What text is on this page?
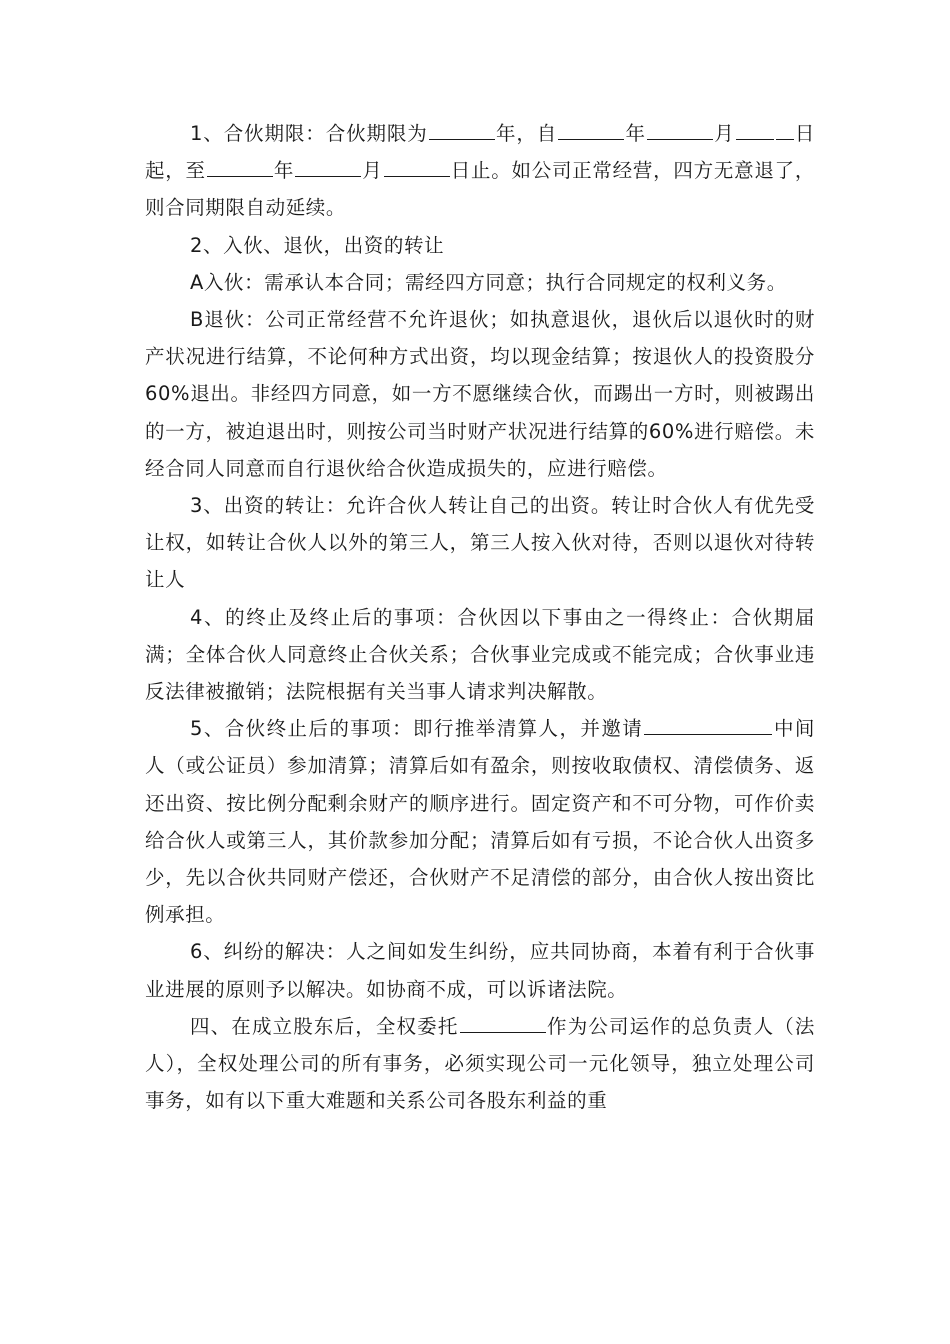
1、合伙期限：合伙期限为	年，自	年	月	日起，至	年	月	日止。如公司正常经营，四方无意退了，则合同期限自动延续。

2、入伙、退伙，出资的转让

A入伙：需承认本合同；需经四方同意；执行合同规定的权利义务。

B退伙：公司正常经营不允许退伙；如执意退伙，退伙后以退伙时的财产状况进行结算，不论何种方式出资，均以现金结算；按退伙人的投资股分60%退出。非经四方同意，如一方不愿继续合伙，而踢出一方时，则被踢出的一方，被迫退出时，则按公司当时财产状况进行结算的60%进行赔偿。未经合同人同意而自行退伙给合伙造成损失的，应进行赔偿。

3、出资的转让：允许合伙人转让自己的出资。转让时合伙人有优先受让权，如转让合伙人以外的第三人，第三人按入伙对待，否则以退伙对待转让人

4、的终止及终止后的事项：合伙因以下事由之一得终止：合伙期届满；全体合伙人同意终止合伙关系；合伙事业完成或不能完成；合伙事业违反法律被撤销；法院根据有关当事人请求判决解散。

5、合伙终止后的事项：即行推举清算人，并邀请	中间人（或公证员）参加清算；清算后如有盈余，则按收取债权、清偿债务、返还出资、按比例分配剩余财产的顺序进行。固定资产和不可分物，可作价卖给合伙人或第三人，其价款参加分配；清算后如有亏损，不论合伙人出资多少，先以合伙共同财产偿还，合伙财产不足清偿的部分，由合伙人按出资比例承担。

6、纠纷的解决：人之间如发生纠纷，应共同协商，本着有利于合伙事业进展的原则予以解决。如协商不成，可以诉诸法院。

四、在成立股东后，全权委托	作为公司运作的总负责人（法人），全权处理公司的所有事务，必须实现公司一元化领导，独立处理公司事务，如有以下重大难题和关系公司各股东利益的重
